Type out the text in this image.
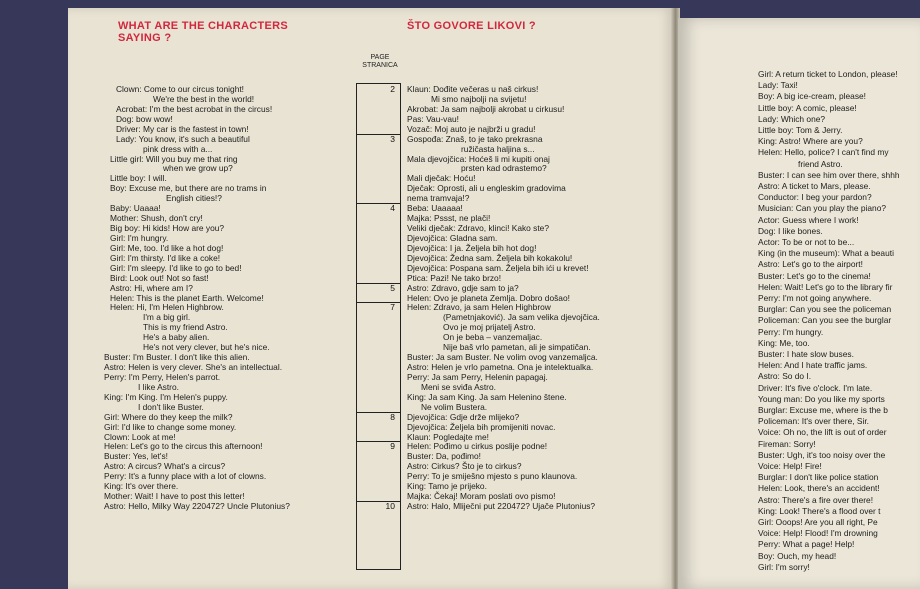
WHAT ARE THE CHARACTERS SAYING ?
ŠTO GOVORE LIKOVI ?
PAGE
STRANICA
2
3
4
5
7
8
9
10
Clown: Come to our circus tonight!
We're the best in the world!
Acrobat: I'm the best acrobat in the circus!
Dog: bow wow!
Driver: My car is the fastest in town!
Lady: You know, it's such a beautiful
pink dress with a...
Little girl: Will you buy me that ring
when we grow up?
Little boy: I will.
Boy: Excuse me, but there are no trams in
English cities!?
Baby: Uaaaa!
Mother: Shush, don't cry!
Big boy: Hi kids! How are you?
Girl: I'm hungry.
Girl: Me, too. I'd like a hot dog!
Girl: I'm thirsty. I'd like a coke!
Girl: I'm sleepy. I'd like to go to bed!
Bird: Look out! Not so fast!
Astro: Hi, where am I?
Helen: This is the planet Earth. Welcome!
Helen: Hi, I'm Helen Highbrow.
I'm a big girl.
This is my friend Astro.
He's a baby alien.
He's not very clever, but he's nice.
Buster: I'm Buster. I don't like this alien.
Astro: Helen is very clever. She's an intellectual.
Perry: I'm Perry, Helen's parrot.
I like Astro.
King: I'm King. I'm Helen's puppy.
I don't like Buster.
Girl: Where do they keep the milk?
Girl: I'd like to change some money.
Clown: Look at me!
Helen: Let's go to the circus this afternoon!
Buster: Yes, let's!
Astro: A circus? What's a circus?
Perry: It's a funny place with a lot of clowns.
King: It's over there.
Mother: Wait! I have to post this letter!
Astro: Hello, Milky Way 220472? Uncle Plutonius?
Klaun: Dođite večeras u naš cirkus!
Mi smo najbolji na svijetu!
Akrobat: Ja sam najbolji akrobat u cirkusu!
Pas: Vau-vau!
Vozač: Moj auto je najbrži u gradu!
Gospođa: Znaš, to je tako prekrasna
ružičasta haljina s...
Mala djevojčica: Hoćeš li mi kupiti onaj
prsten kad odrastemo?
Mali dječak: Hoću!
Dječak: Oprosti, ali u engleskim gradovima
nema tramvaja!?
Beba: Uaaaaa!
Majka: Pssst, ne plači!
Veliki dječak: Zdravo, klinci! Kako ste?
Djevojčica: Gladna sam.
Djevojčica: I ja. Željela bih hot dog!
Djevojčica: Žedna sam. Željela bih kokakolu!
Djevojčica: Pospana sam. Željela bih ići u krevet!
Ptica: Pazi! Ne tako brzo!
Astro: Zdravo, gdje sam to ja?
Helen: Ovo je planeta Zemlja. Dobro došao!
Helen: Zdravo, ja sam Helen Highbrow
(Pametnjaković). Ja sam velika djevojčica.
Ovo je moj prijatelj Astro.
On je beba – vanzemaljac.
Nije baš vrlo pametan, ali je simpatičan.
Buster: Ja sam Buster. Ne volim ovog vanzemaljca.
Astro: Helen je vrlo pametna. Ona je intelektualka.
Perry: Ja sam Perry, Helenin papagaj.
Meni se sviđa Astro.
King: Ja sam King. Ja sam Helenino štene.
Ne volim Bustera.
Djevojčica: Gdje drže mlijeko?
Djevojčica: Željela bih promijeniti novac.
Klaun: Pogledajte me!
Helen: Pođimo u cirkus poslije podne!
Buster: Da, pođimo!
Astro: Cirkus? Što je to cirkus?
Perry: To je smiješno mjesto s puno klaunova.
King: Tamo je prijeko.
Majka: Čekaj! Moram poslati ovo pismo!
Astro: Halo, Mliječni put 220472? Ujače Plutonius?
Girl: A return ticket to London, please!
Lady: Taxi!
Boy: A big ice-cream, please!
Little boy: A comic, please!
Lady: Which one?
Little boy: Tom & Jerry.
King: Astro! Where are you?
Helen: Hello, police? I can't find my
friend Astro.
Buster: I can see him over there, shhh
Astro: A ticket to Mars, please.
Conductor: I beg your pardon?
Musician: Can you play the piano?
Actor: Guess where I work!
Dog: I like bones.
Actor: To be or not to be...
King (in the museum): What a beauti
Astro: Let's go to the airport!
Buster: Let's go to the cinema!
Helen: Wait! Let's go to the library fir
Perry: I'm not going anywhere.
Burglar: Can you see the policeman
Policeman: Can you see the burglar
Perry: I'm hungry.
King: Me, too.
Buster: I hate slow buses.
Helen: And I hate traffic jams.
Astro: So do I.
Driver: It's five o'clock. I'm late.
Young man: Do you like my sports
Burglar: Excuse me, where is the b
Policeman: It's over there, Sir.
Voice: Oh no, the lift is out of order
Fireman: Sorry!
Buster: Ugh, it's too noisy over the
Voice: Help! Fire!
Burglar: I don't like police station
Helen: Look, there's an accident!
Astro: There's a fire over there!
King: Look! There's a flood over t
Girl: Ooops! Are you all right, Pe
Voice: Help! Flood! I'm drowning
Perry: What a page! Help!
Boy: Ouch, my head!
Girl: I'm sorry!
